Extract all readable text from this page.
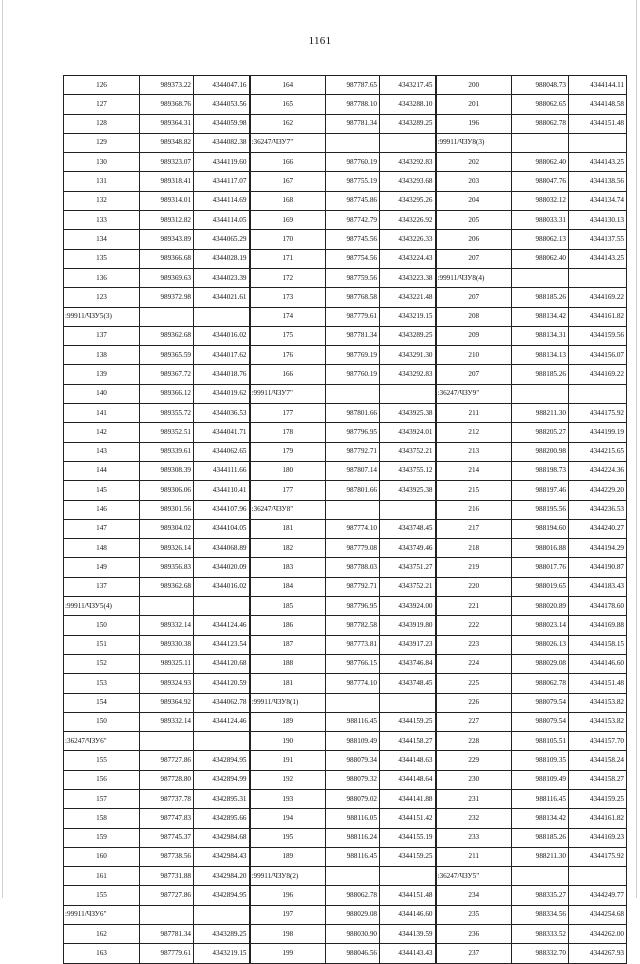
1161
126	989373.22	4344047.16	164	987787.65	4343217.45	200	988048.73	4344144.11
127	989368.76	4344053.56	165	987788.10	4343288.10	201	988062.65	4344148.58
128	989364.31	4344059.98	162	987781.34	4343289.25	196	988062.78	4344151.48
129	989348.82	4344082.38	:36247/ЧЗУ7"			:99911/ЧЗУ8(3)		
130	989323.07	4344119.60	166	987760.19	4343292.83	202	988062.40	4344143.25
131	989318.41	4344117.07	167	987755.19	4343293.68	203	988047.76	4344138.56
132	989314.01	4344114.69	168	987745.86	4343295.26	204	988032.12	4344134.74
133	989312.82	4344114.05	169	987742.79	4343226.92	205	988033.31	4344130.13
134	989343.89	4344065.29	170	987745.56	4343226.33	206	988062.13	4344137.55
135	989366.68	4344028.19	171	987754.56	4343224.43	207	988062.40	4344143.25
136	989369.63	4344023.39	172	987759.56	4343223.38	:99911/ЧЗУ8(4)		
123	989372.98	4344021.61	173	987768.58	4343221.48	207	988185.26	4344169.22
:99911/ЧЗУ5(3)			174	987779.61	4343219.15	208	988134.42	4344161.82
137	989362.68	4344016.02	175	987781.34	4343289.25	209	988134.31	4344159.56
138	989365.59	4344017.62	176	987769.19	4343291.30	210	988134.13	4344156.07
139	989367.72	4344018.76	166	987760.19	4343292.83	207	988185.26	4344169.22
140	989366.12	4344019.62	:99911/ЧЗУ7"			:36247/ЧЗУ9"		
141	989355.72	4344036.53	177	987801.66	4343925.38	211	988211.30	4344175.92
142	989352.51	4344041.71	178	987796.95	4343924.01	212	988205.27	4344199.19
143	989339.61	4344062.65	179	987792.71	4343752.21	213	988200.98	4344215.65
144	989308.39	4344111.66	180	987807.14	4343755.12	214	988198.73	4344224.36
145	989306.06	4344110.41	177	987801.66	4343925.38	215	988197.46	4344229.20
146	989301.56	4344107.96	:36247/ЧЗУ8"			216	988195.56	4344236.53
147	989304.02	4344104.05	181	987774.10	4343748.45	217	988194.60	4344240.27
148	989326.14	4344068.89	182	987779.08	4343749.46	218	988016.88	4344194.29
149	989356.83	4344020.09	183	987788.03	4343751.27	219	988017.76	4344190.87
137	989362.68	4344016.02	184	987792.71	4343752.21	220	988019.65	4344183.43
:99911/ЧЗУ5(4)			185	987796.95	4343924.00	221	988020.89	4344178.60
150	989332.14	4344124.46	186	987782.58	4343919.80	222	988023.14	4344169.88
151	989330.38	4344123.54	187	987773.81	4343917.23	223	988026.13	4344158.15
152	989325.11	4344120.68	188	987766.15	4343746.84	224	988029.08	4344146.60
153	989324.93	4344120.59	181	987774.10	4343748.45	225	988062.78	4344151.48
154	989364.92	4344062.78	:99911/ЧЗУ8(1)			226	988079.54	4344153.82
150	989332.14	4344124.46	189	988116.45	4344159.25	227	988079.54	4344153.82
:36247/ЧЗУ6"			190	988109.49	4344158.27	228	988105.51	4344157.70
155	987727.86	4342894.95	191	988079.34	4344148.63	229	988109.35	4344158.24
156	987728.80	4342894.99	192	988079.32	4344148.64	230	988109.49	4344158.27
157	987737.78	4342895.31	193	988079.02	4344141.88	231	988116.45	4344159.25
158	987747.83	4342895.66	194	988116.05	4344151.42	232	988134.42	4344161.82
159	987745.37	4342984.68	195	988116.24	4344155.19	233	988185.26	4344169.23
160	987738.56	4342984.43	189	988116.45	4344159.25	211	988211.30	4344175.92
161	987731.88	4342984.20	:99911/ЧЗУ8(2)			:36247/ЧЗУ5"		
155	987727.86	4342894.95	196	988062.78	4344151.48	234	988335.27	4344249.77
:99911/ЧЗУ6"			197	988029.08	4344146.60	235	988334.56	4344254.68
162	987781.34	4343289.25	198	988030.90	4344139.59	236	988333.52	4344262.00
163	987779.61	4343219.15	199	988046.56	4344143.43	237	988332.70	4344267.93
